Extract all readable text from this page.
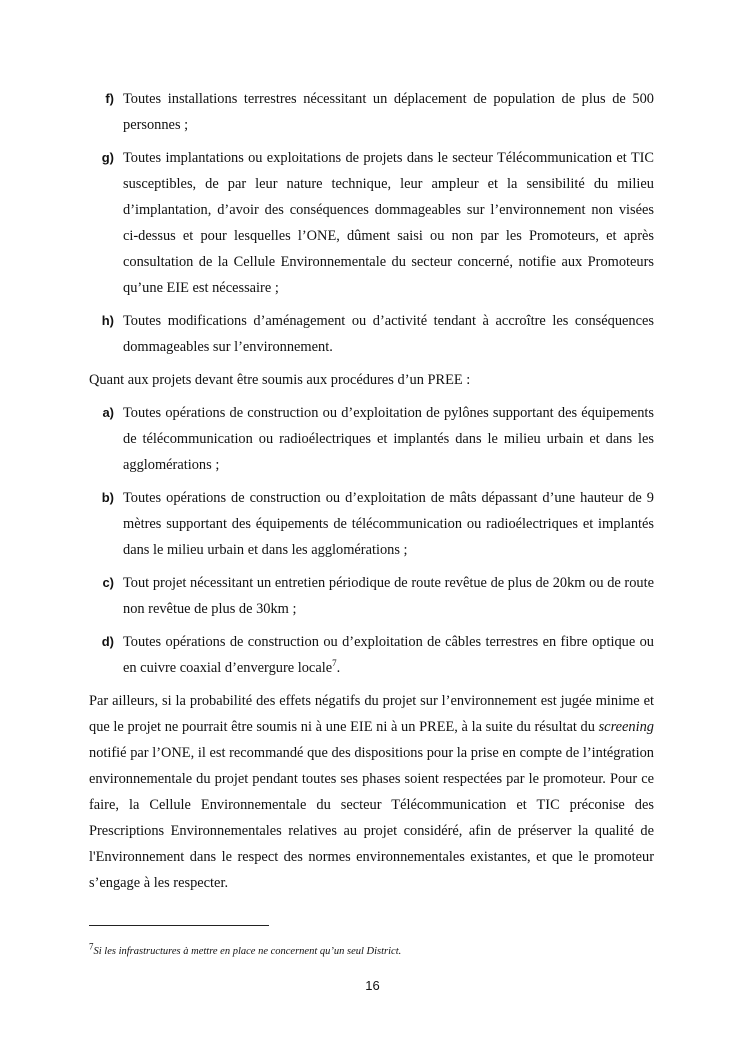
f) Toutes installations terrestres nécessitant un déplacement de population de plus de 500 personnes ;
g) Toutes implantations ou exploitations de projets dans le secteur Télécommunication et TIC susceptibles, de par leur nature technique, leur ampleur et la sensibilité du milieu d’implantation, d’avoir des conséquences dommageables sur l’environnement non visées ci-dessus et pour lesquelles l’ONE, dûment saisi ou non par les Promoteurs, et après consultation de la Cellule Environnementale du secteur concerné, notifie aux Promoteurs qu’une EIE est nécessaire ;
h) Toutes modifications d’aménagement ou d’activité tendant à accroître les conséquences dommageables sur l’environnement.
Quant aux projets devant être soumis aux procédures d’un PREE :
a) Toutes opérations de construction ou d’exploitation de pylônes supportant des équipements de télécommunication ou radioélectriques et implantés dans le milieu urbain et dans les agglomérations ;
b) Toutes opérations de construction ou d’exploitation de mâts dépassant d’une hauteur de 9 mètres supportant des équipements de télécommunication ou radioélectriques et implantés dans le milieu urbain et dans les agglomérations ;
c) Tout projet nécessitant un entretien périodique de route revêtue de plus de 20km ou de route non revêtue de plus de 30km ;
d) Toutes opérations de construction ou d’exploitation de câbles terrestres en fibre optique ou en cuivre coaxial d’envergure locale$^7$.
Par ailleurs, si la probabilité des effets négatifs du projet sur l’environnement est jugée minime et que le projet ne pourrait être soumis ni à une EIE ni à un PREE, à la suite du résultat du screening notifié par l’ONE, il est recommandé que des dispositions pour la prise en compte de l’intégration environnementale du projet pendant toutes ses phases soient respectées par le promoteur. Pour ce faire, la Cellule Environnementale du secteur Télécommunication et TIC préconise des Prescriptions Environnementales relatives au projet considéré, afin de préserver la qualité de l'Environnement dans le respect des normes environnementales existantes, et que le promoteur s’engage à les respecter.
$^7$Si les infrastructures à mettre en place ne concernent qu’un seul District.
16
